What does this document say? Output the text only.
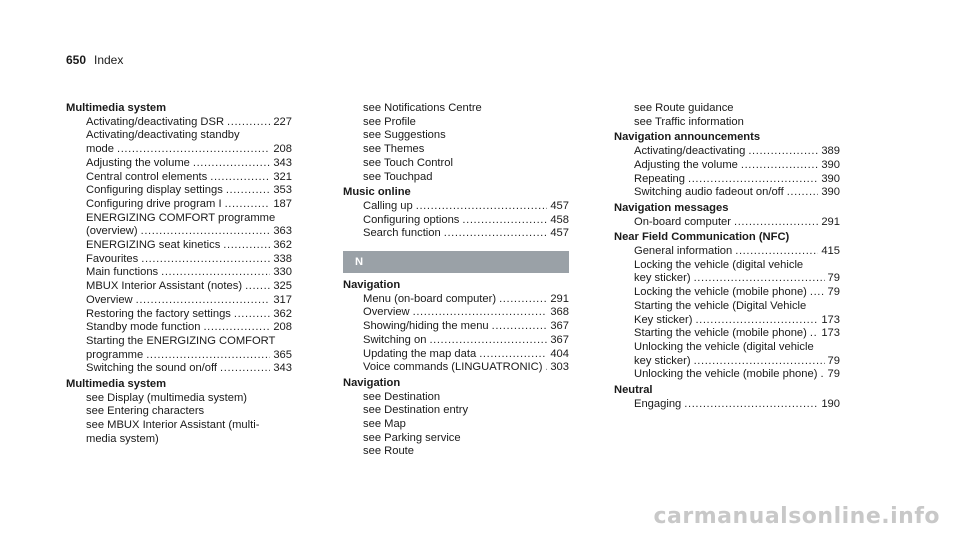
650 Index
Multimedia system
Activating/deactivating DSR .....	227
Activating/deactivating standby
mode .....	208
Adjusting the volume .....	343
Central control elements .....	321
Configuring display settings .....	353
Configuring drive program I .....	187
ENERGIZING COMFORT programme
(overview) .....	363
ENERGIZING seat kinetics .....	362
Favourites .....	338
Main functions .....	330
MBUX Interior Assistant (notes) .....	325
Overview .....	317
Restoring the factory settings .....	362
Standby mode function .....	208
Starting the ENERGIZING COMFORT
programme .....	365
Switching the sound on/off .....	343
Multimedia system
see Display (multimedia system)
see Entering characters
see MBUX Interior Assistant (multi-
media system)
see Notifications Centre
see Profile
see Suggestions
see Themes
see Touch Control
see Touchpad
Music online
Calling up .....	457
Configuring options .....	458
Search function .....	457
N
Navigation
Menu (on-board computer) .....	291
Overview .....	368
Showing/hiding the menu .....	367
Switching on .....	367
Updating the map data .....	404
Voice commands (LINGUATRONIC) ..... 303
Navigation
see Destination
see Destination entry
see Map
see Parking service
see Route
see Route guidance
see Traffic information
Navigation announcements
Activating/deactivating .....	389
Adjusting the volume .....	390
Repeating .....	390
Switching audio fadeout on/off .....	390
Navigation messages
On-board computer .....	291
Near Field Communication (NFC)
General information .....	415
Locking the vehicle (digital vehicle
key sticker) .....	79
Locking the vehicle (mobile phone) ..... 79
Starting the vehicle (Digital Vehicle
Key sticker) .....	173
Starting the vehicle (mobile phone) ..... 173
Unlocking the vehicle (digital vehicle
key sticker) .....	79
Unlocking the vehicle (mobile phone) ..... 79
Neutral
Engaging .....	190
carmanualsonline.info
